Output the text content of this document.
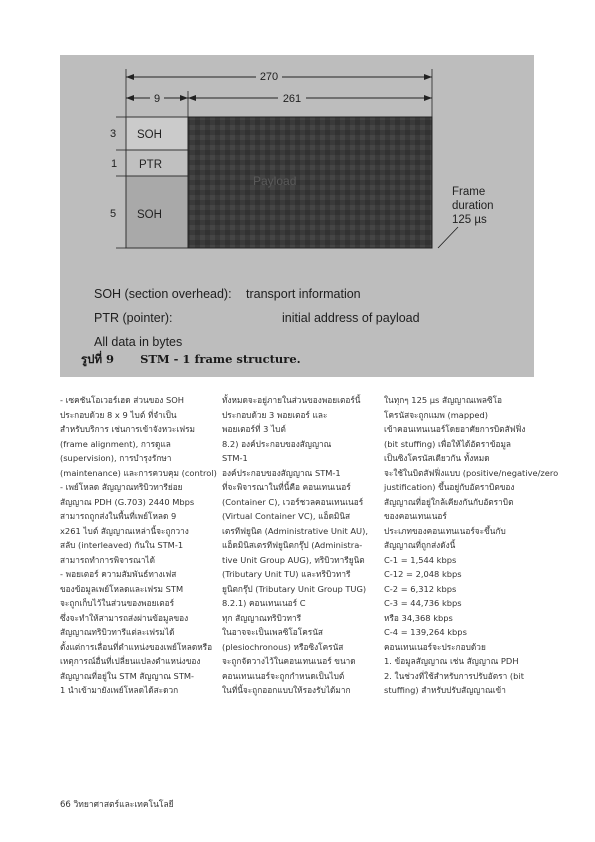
270
9	261
SOH
PTR
SOH
3
1
5
Payload
Frame
duration
125 µs
SOH (section overhead): transport information
PTR (pointer):	initial address of payload
All data in bytes
รูปที่ 9 STM - 1 frame structure.

- เซคชันโอเวอร์เฮด ส่วนของ SOH

ประกอบด้วย 8 x 9 ไบต์ ที่จำเป็น

สำหรับบริการ เช่นการเข้าจังหวะเฟรม

(frame alignment), การดูแล

(supervision), การบำรุงรักษา

(maintenance) และการควบคุม (control)

- เพย์โหลด สัญญาณทริบิวทารีย่อย

สัญญาณ PDH (G.703) 2440 Mbps

สามารถถูกส่งในพื้นที่เพย์โหลด 9

x261 ไบต์ สัญญาณเหล่านี้จะถูกวาง

สลับ (interleaved) กันใน STM-1

สามารถทำการพิจารณาได้

- พอยเตอร์ ความสัมพันธ์ทางเฟส

ของข้อมูลเพย์โหลดและเฟรม STM

จะถูกเก็บไว้ในส่วนของพอยเตอร์

ซึ่งจะทำให้สามารถส่งผ่านข้อมูลของ

สัญญาณทริบิวทารีแต่ละเฟรมได้

ตั้งแต่การเลื่อนที่ตำแหน่งของเพย์โหลดหรือ

เหตุการณ์อื่นที่เปลี่ยนแปลงตำแหน่งของ

สัญญาณที่อยู่ใน STM สัญญาณ STM-

1 นำเข้ามายังเพย์โหลดได้สะดวก

ทั้งหมดจะอยู่ภายในส่วนของพอยเตอร์นี้

ประกอบด้วย 3 พอยเตอร์ และ

พอยเตอร์ที่ 3 ไบต์

8.2) องค์ประกอบของสัญญาณ

STM-1

องค์ประกอบของสัญญาณ STM-1

ที่จะพิจารณาในที่นี้คือ คอนเทนเนอร์

(Container C), เวอร์ชวลคอนเทนเนอร์

(Virtual Container VC), แอ็ดมินิส

เตรทีฟยูนิต (Administrative Unit AU),

แอ็ดมินิสเตรทีฟยูนิตกรุ๊ป (Administra-

tive Unit Group AUG), ทริบิวทารียูนิต

(Tributary Unit TU) และทริบิวทารี

ยูนิตกรุ๊ป (Tributary Unit Group TUG)

8.2.1) คอนเทนเนอร์ C

ทุก สัญญาณทริบิวทารี

ในอาจจะเป็นเพลซิโอโครนัส

(plesiochronous) หรือซิงโครนัส

จะถูกจัดวางไว้ในคอนเทนเนอร์ ขนาด

คอนเทนเนอร์จะถูกกำหนดเป็นไบต์

ในที่นี้จะถูกออกแบบให้รองรับได้มาก

ในทุกๆ 125 µs สัญญาณเพลซิโอ

โครนัสจะถูกแมพ (mapped)

เข้าคอนเทนเนอร์โดยอาศัยการบิตสัฟฟิ่ง

(bit stuffing) เพื่อให้ได้อัตราข้อมูล

เป็นซิงโครนัสเดียวกัน ทั้งหมด

จะใช้ในบิตสัฟฟิ่งแบบ (positive/negative/zero

justification) ขึ้นอยู่กับอัตราบิตของ

สัญญาณที่อยู่ใกล้เคียงกันกับอัตราบิต

ของคอนเทนเนอร์

ประเภทของคอนเทนเนอร์จะขึ้นกับ

สัญญาณที่ถูกส่งดังนี้

C-1 = 1,544 kbps

C-12 = 2,048 kbps

C-2 = 6,312 kbps

C-3 = 44,736 kbps

หรือ 34,368 kbps

C-4 = 139,264 kbps

คอนเทนเนอร์จะประกอบด้วย

1. ข้อมูลสัญญาณ เช่น สัญญาณ PDH

2. ในช่วงที่ใช้สำหรับการปรับอัตรา (bit

stuffing) สำหรับปรับสัญญาณเข้า

66 วิทยาศาสตร์และเทคโนโลยี
